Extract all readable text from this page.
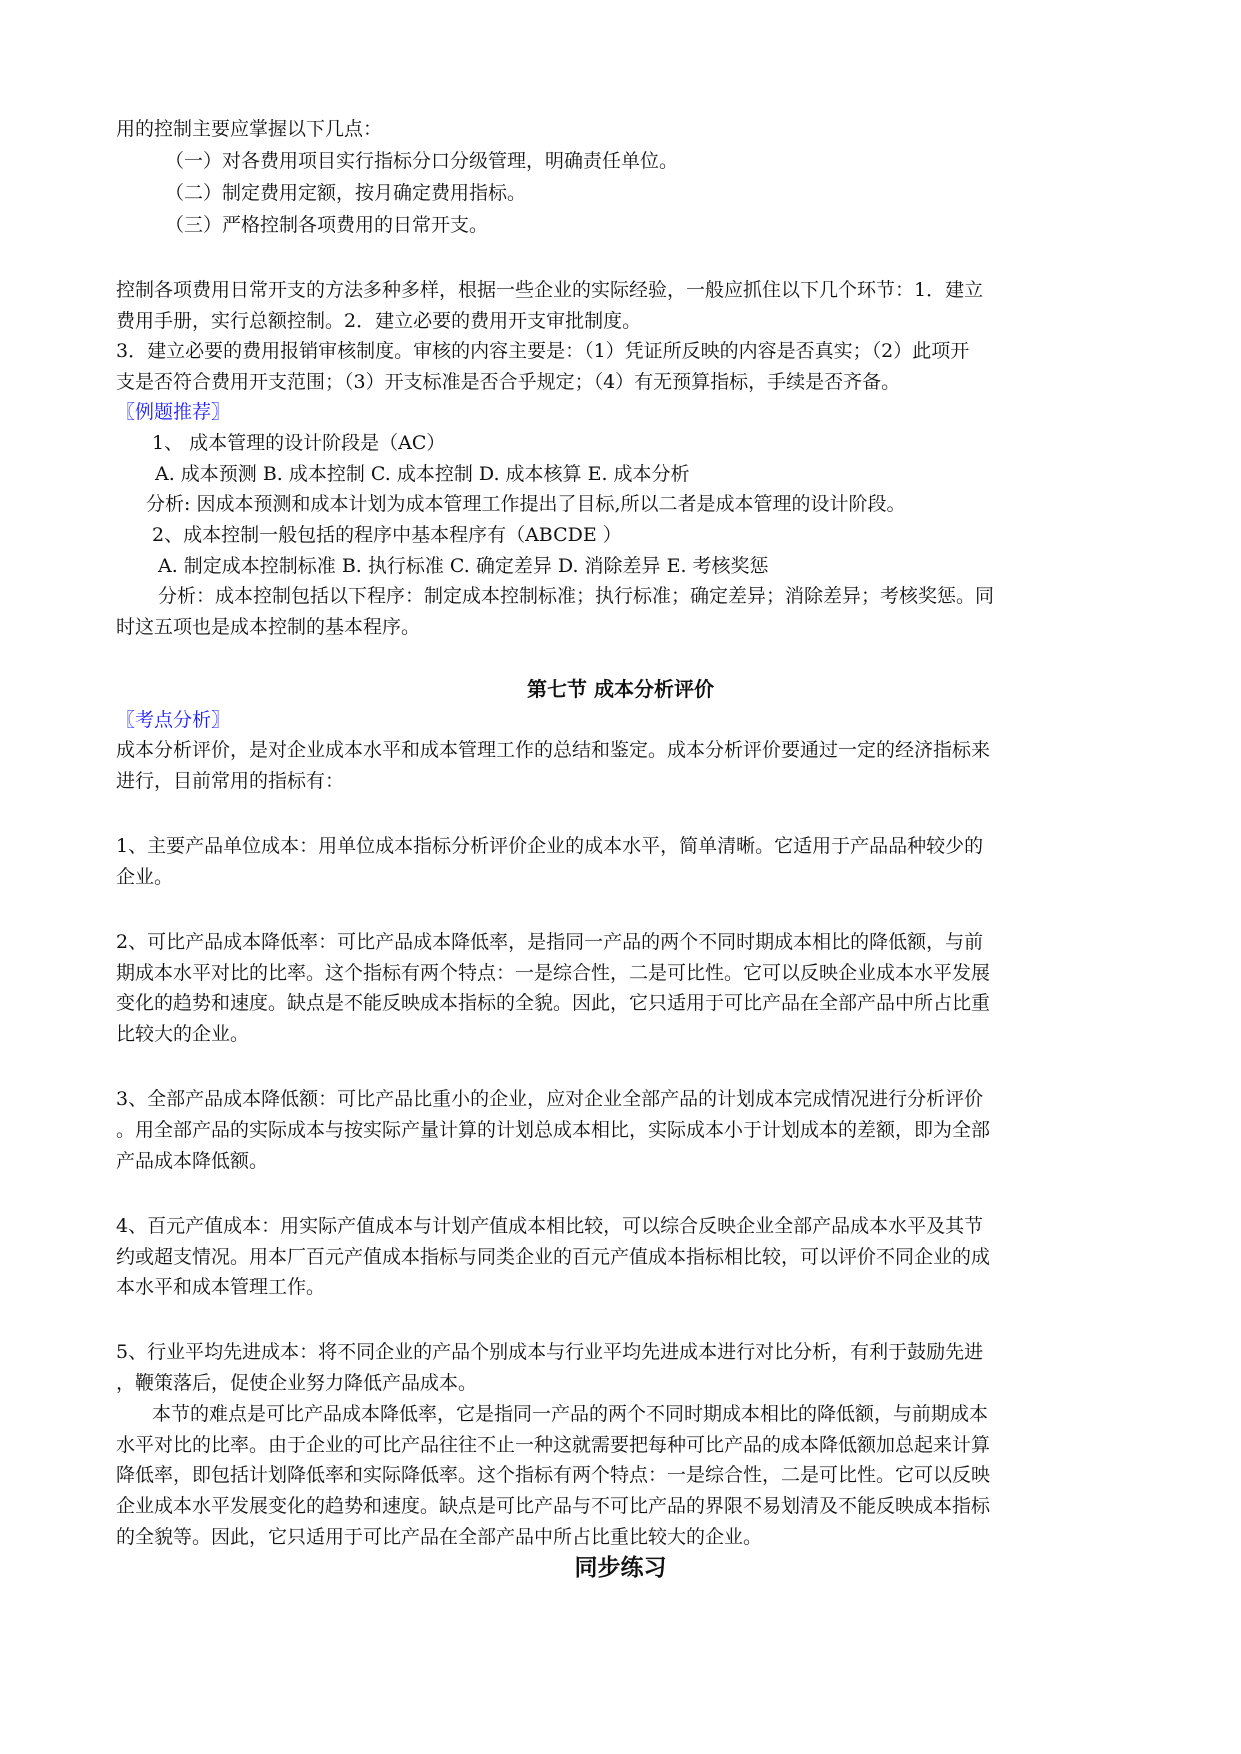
用的控制主要应掌握以下几点：
（一）对各费用项目实行指标分口分级管理，明确责任单位。
（二）制定费用定额，按月确定费用指标。
（三）严格控制各项费用的日常开支。
控制各项费用日常开支的方法多种多样，根据一些企业的实际经验，一般应抓住以下几个环节：1．建立
费用手册，实行总额控制。2．建立必要的费用开支审批制度。
3．建立必要的费用报销审核制度。审核的内容主要是：（1）凭证所反映的内容是否真实；（2）此项开
支是否符合费用开支范围；（3）开支标准是否合乎规定；（4）有无预算指标，手续是否齐备。
〖例题推荐〗
1、 成本管理的设计阶段是（AC）
A. 成本预测 B. 成本控制 C. 成本控制 D. 成本核算 E. 成本分析
分析: 因成本预测和成本计划为成本管理工作提出了目标,所以二者是成本管理的设计阶段。
2、成本控制一般包括的程序中基本程序有（ABCDE ）
A. 制定成本控制标准 B. 执行标准 C. 确定差异 D. 消除差异 E. 考核奖惩
分析：成本控制包括以下程序：制定成本控制标准；执行标准；确定差异；消除差异；考核奖惩。同
时这五项也是成本控制的基本程序。
第七节 成本分析评价
〖考点分析〗
成本分析评价，是对企业成本水平和成本管理工作的总结和鉴定。成本分析评价要通过一定的经济指标来
进行，目前常用的指标有：
1、主要产品单位成本：用单位成本指标分析评价企业的成本水平，简单清晰。它适用于产品品种较少的
企业。
2、可比产品成本降低率：可比产品成本降低率，是指同一产品的两个不同时期成本相比的降低额，与前
期成本水平对比的比率。这个指标有两个特点：一是综合性，二是可比性。它可以反映企业成本水平发展
变化的趋势和速度。缺点是不能反映成本指标的全貌。因此，它只适用于可比产品在全部产品中所占比重
比较大的企业。
3、全部产品成本降低额：可比产品比重小的企业，应对企业全部产品的计划成本完成情况进行分析评价
。用全部产品的实际成本与按实际产量计算的计划总成本相比，实际成本小于计划成本的差额，即为全部
产品成本降低额。
4、百元产值成本：用实际产值成本与计划产值成本相比较，可以综合反映企业全部产品成本水平及其节
约或超支情况。用本厂百元产值成本指标与同类企业的百元产值成本指标相比较，可以评价不同企业的成
本水平和成本管理工作。
5、行业平均先进成本：将不同企业的产品个别成本与行业平均先进成本进行对比分析，有利于鼓励先进
，鞭策落后，促使企业努力降低产品成本。
本节的难点是可比产品成本降低率，它是指同一产品的两个不同时期成本相比的降低额，与前期成本
水平对比的比率。由于企业的可比产品往往不止一种这就需要把每种可比产品的成本降低额加总起来计算
降低率，即包括计划降低率和实际降低率。这个指标有两个特点：一是综合性，二是可比性。它可以反映
企业成本水平发展变化的趋势和速度。缺点是可比产品与不可比产品的界限不易划清及不能反映成本指标
的全貌等。因此，它只适用于可比产品在全部产品中所占比重比较大的企业。
同步练习
